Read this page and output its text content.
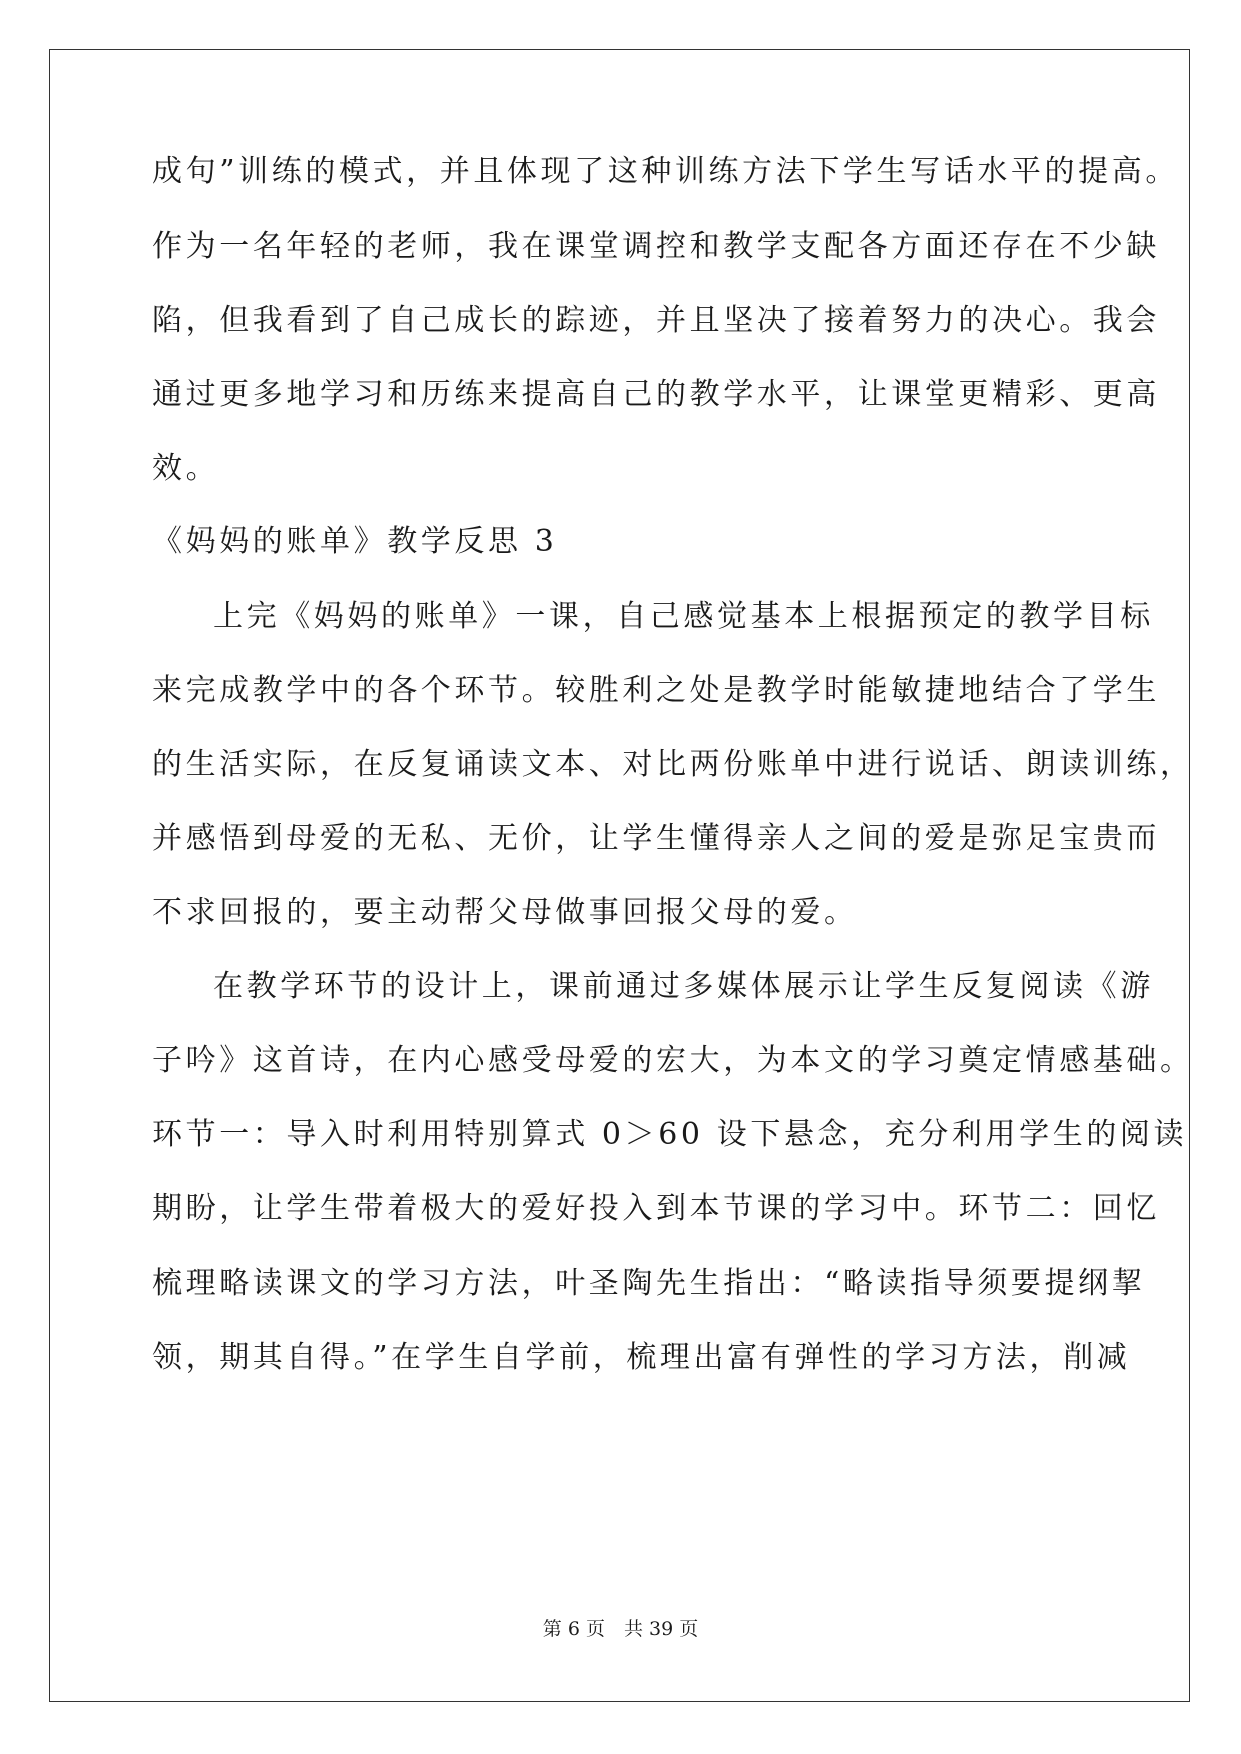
成句”训练的模式，并且体现了这种训练方法下学生写话水平的提高。
作为一名年轻的老师，我在课堂调控和教学支配各方面还存在不少缺
陷，但我看到了自己成长的踪迹，并且坚决了接着努力的决心。我会
通过更多地学习和历练来提高自己的教学水平，让课堂更精彩、更高
效。
《妈妈的账单》教学反思 3
上完《妈妈的账单》一课，自己感觉基本上根据预定的教学目标
来完成教学中的各个环节。较胜利之处是教学时能敏捷地结合了学生
的生活实际，在反复诵读文本、对比两份账单中进行说话、朗读训练，
并感悟到母爱的无私、无价，让学生懂得亲人之间的爱是弥足宝贵而
不求回报的，要主动帮父母做事回报父母的爱。
在教学环节的设计上，课前通过多媒体展示让学生反复阅读《游
子吟》这首诗，在内心感受母爱的宏大，为本文的学习奠定情感基础。
环节一：导入时利用特别算式 0＞60 设下悬念，充分利用学生的阅读
期盼，让学生带着极大的爱好投入到本节课的学习中。环节二：回忆
梳理略读课文的学习方法，叶圣陶先生指出：“略读指导须要提纲挈
领，期其自得。”在学生自学前，梳理出富有弹性的学习方法，削减
第 6 页　共 39 页
